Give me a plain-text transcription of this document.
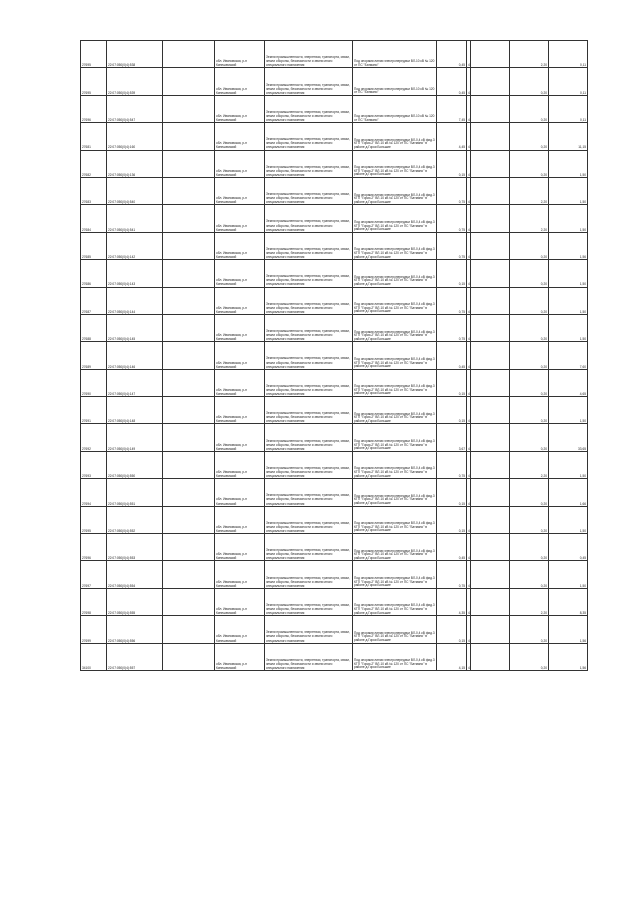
27695	22:07:050(0)4):538		обл. Ивановская, р-н Кинешемский	Земли промышленности, энергетики, транспорта, связи, земли обороны, безопасности и земли иного специального назначения	Под опорами линии электропередачи ВЛ-10 кВ № 120 от ПС "Батмано"	0,45	4		2,20	0,11
27695	22:07:050(0)4):539		обл. Ивановская, р-н Кинешемский	Земли промышленности, энергетики, транспорта, связи, земли обороны, безопасности и земли иного специального назначения	Под опорами линии электропередачи ВЛ-10 кВ № 120 от ПС "Батмано"	0,45	4		0,20	0,11
27696	22:07:050(0)4):547		обл. Ивановская, р-н Кинешемский	Земли промышленности, энергетики, транспорта, связи, земли обороны, безопасности и земли иного специального назначения	Под опорами линии электропередачи ВЛ-10 кВ № 120 от ПС "Батмано"	7,45	4		0,20	0,11
27681	22:07:050(0)4):160		обл. Ивановская, р-н Кинешемский	Земли промышленности, энергетики, транспорта, связи, земли обороны, безопасности и земли иного специального назначения	Под опорами линии электропередачи ВЛ-0,4 кВ фид.3 КТП "Горки-2" ВЛ-10 кВ № 120 от ПС "Батмано" в районе д.Горки Большие	4,45	4		0,20	11,15
27682	22:07:050(0)4):136		обл. Ивановская, р-н Кинешемский	Земли промышленности, энергетики, транспорта, связи, земли обороны, безопасности и земли иного специального назначения	Под опорами линии электропередачи ВЛ-0,4 кВ фид.3 КТП "Горки-2" ВЛ-10 кВ № 120 от ПС "Батмано" в районе д.Горки Большие	0,15	4		0,20	1,50
27683	22:07:050(0)4):540		обл. Ивановская, р-н Кинешемский	Земли промышленности, энергетики, транспорта, связи, земли обороны, безопасности и земли иного специального назначения	Под опорами линии электропередачи ВЛ-0,4 кВ фид.3 КТП "Горки-2" ВЛ-10 кВ № 120 от ПС "Батмано" в районе д.Горки Большие	0,75	4		2,20	1,50
27684	22:07:050(0)4):541		обл. Ивановская, р-н Кинешемский	Земли промышленности, энергетики, транспорта, связи, земли обороны, безопасности и земли иного специального назначения	Под опорами линии электропередачи ВЛ-0,4 кВ фид.3 КТП "Горки-2" ВЛ-10 кВ № 120 от ПС "Батмано" в районе д.Горки Большие	0,75	4		2,20	1,50
27685	22:07:050(0)4):142		обл. Ивановская, р-н Кинешемский	Земли промышленности, энергетики, транспорта, связи, земли обороны, безопасности и земли иного специального назначения	Под опорами линии электропередачи ВЛ-0,4 кВ фид.3 КТП "Горки-2" ВЛ-10 кВ № 120 от ПС "Батмано" в районе д.Горки Большие	0,75	4		0,20	1,56
27686	22:07:050(0)4):143		обл. Ивановская, р-н Кинешемский	Земли промышленности, энергетики, транспорта, связи, земли обороны, безопасности и земли иного специального назначения	Под опорами линии электропередачи ВЛ-0,4 кВ фид.3 КТП "Горки-2" ВЛ-10 кВ № 120 от ПС "Батмано" в районе д.Горки Большие	0,15	4		0,20	1,50
27687	22:07:050(0)4):144		обл. Ивановская, р-н Кинешемский	Земли промышленности, энергетики, транспорта, связи, земли обороны, безопасности и земли иного специального назначения	Под опорами линии электропередачи ВЛ-0,4 кВ фид.3 КТП "Горки-2" ВЛ-10 кВ № 120 от ПС "Батмано" в районе д.Горки Большие	0,75	4		0,20	1,50
27688	22:07:050(0)4):145		обл. Ивановская, р-н Кинешемский	Земли промышленности, энергетики, транспорта, связи, земли обороны, безопасности и земли иного специального назначения	Под опорами линии электропередачи ВЛ-0,4 кВ фид.3 КТП "Горки-2" ВЛ-10 кВ № 120 от ПС "Батмано" в районе д.Горки Большие	0,75	4		0,20	1,50
27689	22:07:050(0)4):146		обл. Ивановская, р-н Кинешемский	Земли промышленности, энергетики, транспорта, связи, земли обороны, безопасности и земли иного специального назначения	Под опорами линии электропередачи ВЛ-0,4 кВ фид.3 КТП "Горки-2" ВЛ-10 кВ № 120 от ПС "Батмано" в районе д.Горки Большие	0,45	4		0,20	7,60
27690	22:07:050(0)4):147		обл. Ивановская, р-н Кинешемский	Земли промышленности, энергетики, транспорта, связи, земли обороны, безопасности и земли иного специального назначения	Под опорами линии электропередачи ВЛ-0,4 кВ фид.3 КТП "Горки-2" ВЛ-10 кВ № 120 от ПС "Батмано" в районе д.Горки Большие	0,15	4		0,20	4,65
27691	22:07:050(0)4):148		обл. Ивановская, р-н Кинешемский	Земли промышленности, энергетики, транспорта, связи, земли обороны, безопасности и земли иного специального назначения	Под опорами линии электропередачи ВЛ-0,4 кВ фид.3 КТП "Горки-2" ВЛ-10 кВ № 120 от ПС "Батмано" в районе д.Горки Большие	0,15	4		0,20	1,50
27692	22:07:050(0)4):149		обл. Ивановская, р-н Кинешемский	Земли промышленности, энергетики, транспорта, связи, земли обороны, безопасности и земли иного специального назначения	Под опорами линии электропередачи ВЛ-0,4 кВ фид.3 КТП "Горки-2" ВЛ-10 кВ № 120 от ПС "Батмано" в районе д.Горки Большие	3,67	4		0,20	33,65
27693	22:07:050(0)4):550		обл. Ивановская, р-н Кинешемский	Земли промышленности, энергетики, транспорта, связи, земли обороны, безопасности и земли иного специального назначения	Под опорами линии электропередачи ВЛ-0,4 кВ фид.3 КТП "Горки-2" ВЛ-10 кВ № 120 от ПС "Батмано" в районе д.Горки Большие	0,75	4		2,20	1,50
27694	22:07:050(0)4):551		обл. Ивановская, р-н Кинешемский	Земли промышленности, энергетики, транспорта, связи, земли обороны, безопасности и земли иного специального назначения	Под опорами линии электропередачи ВЛ-0,4 кВ фид.3 КТП "Горки-2" ВЛ-10 кВ № 120 от ПС "Батмано" в районе д.Горки Большие	0,15	4		0,20	1,66
27695	22:07:050(0)4):552		обл. Ивановская, р-н Кинешемский	Земли промышленности, энергетики, транспорта, связи, земли обороны, безопасности и земли иного специального назначения	Под опорами линии электропередачи ВЛ-0,4 кВ фид.3 КТП "Горки-2" ВЛ-10 кВ № 120 от ПС "Батмано" в районе д.Горки Большие	0,15	4		0,20	1,50
27696	22:07:050(0)4):553		обл. Ивановская, р-н Кинешемский	Земли промышленности, энергетики, транспорта, связи, земли обороны, безопасности и земли иного специального назначения	Под опорами линии электропередачи ВЛ-0,4 кВ фид.3 КТП "Горки-2" ВЛ-10 кВ № 120 от ПС "Батмано" в районе д.Горки Большие	0,45	4		0,20	0,45
27697	22:07:050(0)4):554		обл. Ивановская, р-н Кинешемский	Земли промышленности, энергетики, транспорта, связи, земли обороны, безопасности и земли иного специального назначения	Под опорами линии электропередачи ВЛ-0,4 кВ фид.3 КТП "Горки-2" ВЛ-10 кВ № 120 от ПС "Батмано" в районе д.Горки Большие	0,75	4		0,20	1,50
27698	22:07:050(0)4):555		обл. Ивановская, р-н Кинешемский	Земли промышленности, энергетики, транспорта, связи, земли обороны, безопасности и земли иного специального назначения	Под опорами линии электропередачи ВЛ-0,4 кВ фид.3 КТП "Горки-2" ВЛ-10 кВ № 120 от ПС "Батмано" в районе д.Горки Большие	4,35	4		2,20	8,35
27699	22:07:050(0)4):556		обл. Ивановская, р-н Кинешемский	Земли промышленности, энергетики, транспорта, связи, земли обороны, безопасности и земли иного специального назначения	Под опорами линии электропередачи ВЛ-0,4 кВ фид.3 КТП "Горки-2" ВЛ-10 кВ № 120 от ПС "Батмано" в районе д.Горки Большие	0,15	4		0,20	1,56
34100	22:07:050(0)4):557		обл. Ивановская, р-н Кинешемский	Земли промышленности, энергетики, транспорта, связи, земли обороны, безопасности и земли иного специального назначения	Под опорами линии электропередачи ВЛ-0,4 кВ фид.3 КТП "Горки-2" ВЛ-10 кВ № 120 от ПС "Батмано" в районе д.Горки Большие	4,15	4		0,20	1,56
